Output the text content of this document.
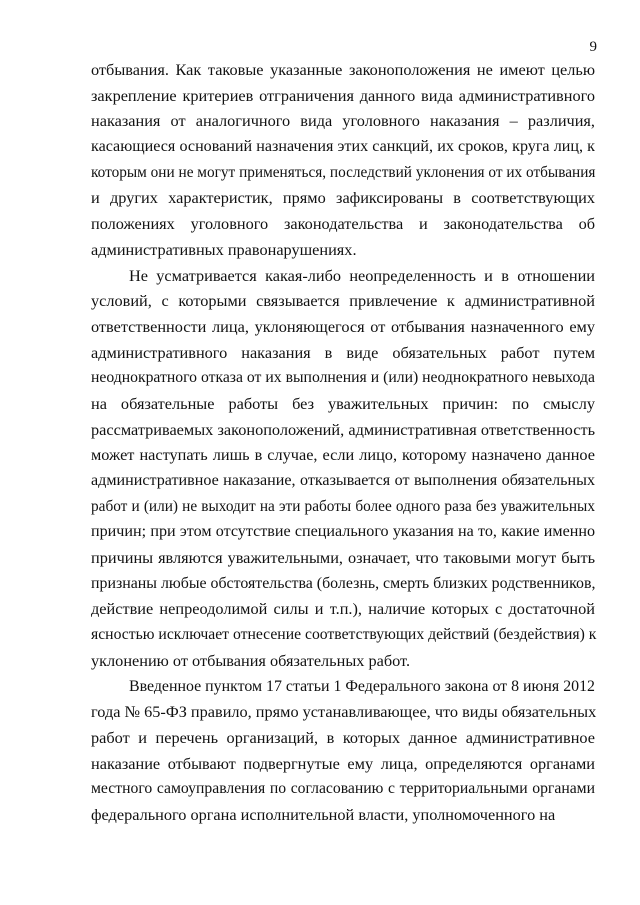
9
отбывания. Как таковые указанные законоположения не имеют целью
закрепление критериев отграничения данного вида административного
наказания от аналогичного вида уголовного наказания – различия,
касающиеся оснований назначения этих санкций, их сроков, круга лиц, к
которым они не могут применяться, последствий уклонения от их отбывания
и других характеристик, прямо зафиксированы в соответствующих
положениях уголовного законодательства и законодательства об
административных правонарушениях.
Не усматривается какая-либо неопределенность и в отношении
условий, с которыми связывается привлечение к административной
ответственности лица, уклоняющегося от отбывания назначенного ему
административного наказания в виде обязательных работ путем
неоднократного отказа от их выполнения и (или) неоднократного невыхода
на обязательные работы без уважительных причин: по смыслу
рассматриваемых законоположений, административная ответственность
может наступать лишь в случае, если лицо, которому назначено данное
административное наказание, отказывается от выполнения обязательных
работ и (или) не выходит на эти работы более одного раза без уважительных
причин; при этом отсутствие специального указания на то, какие именно
причины являются уважительными, означает, что таковыми могут быть
признаны любые обстоятельства (болезнь, смерть близких родственников,
действие непреодолимой силы и т.п.), наличие которых с достаточной
ясностью исключает отнесение соответствующих действий (бездействия) к
уклонению от отбывания обязательных работ.
Введенное пунктом 17 статьи 1 Федерального закона от 8 июня 2012
года № 65-ФЗ правило, прямо устанавливающее, что виды обязательных
работ и перечень организаций, в которых данное административное
наказание отбывают подвергнутые ему лица, определяются органами
местного самоуправления по согласованию с территориальными органами
федерального органа исполнительной власти, уполномоченного на
